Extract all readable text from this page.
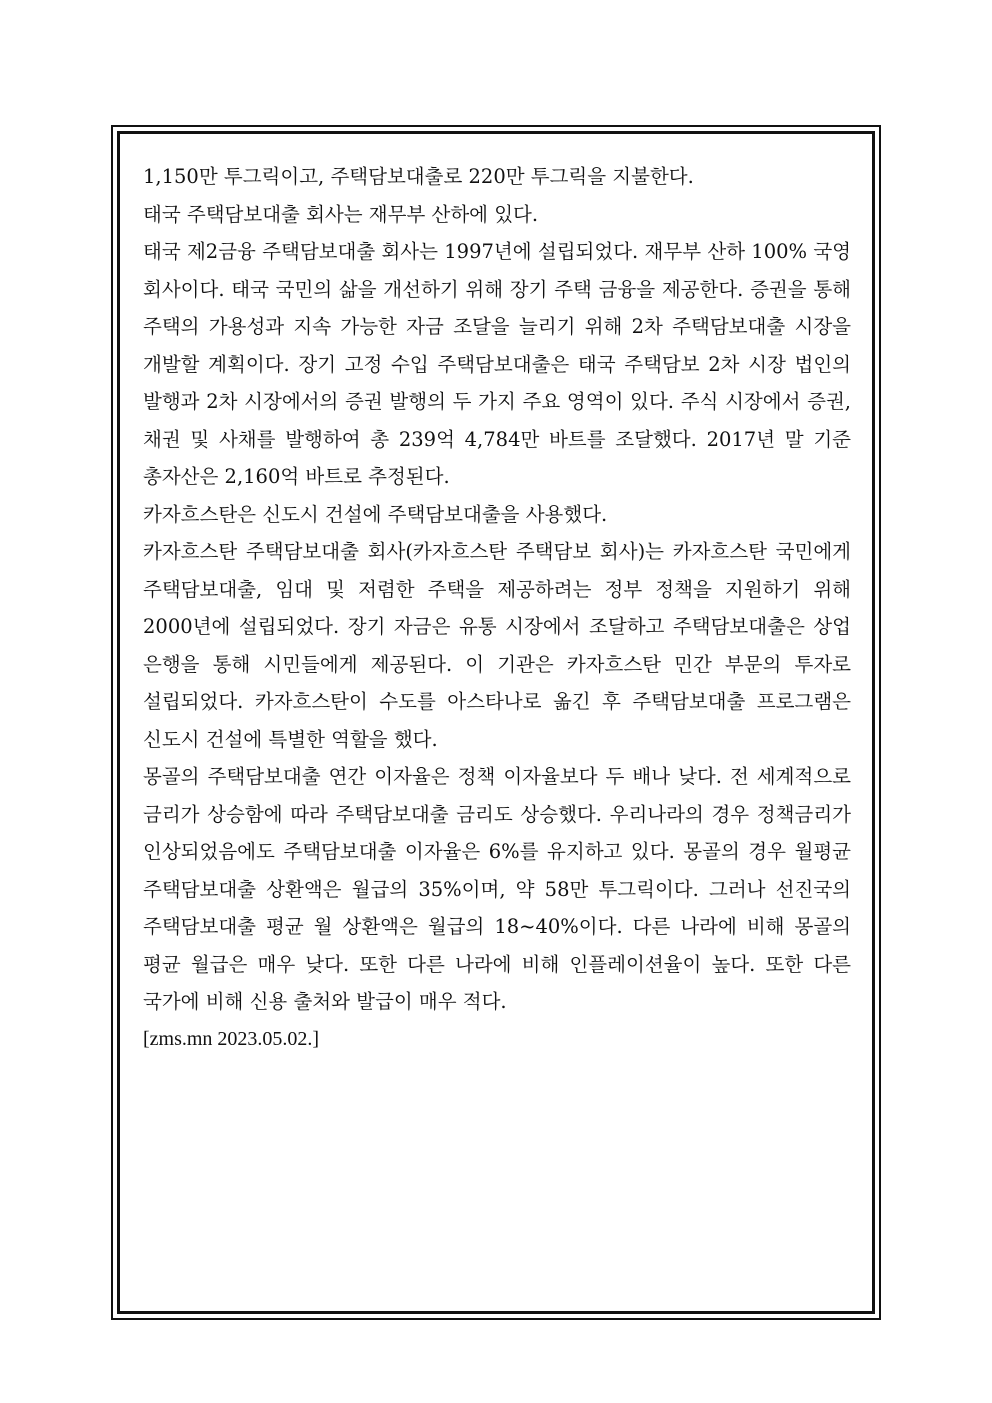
1,150만 투그릭이고, 주택담보대출로 220만 투그릭을 지불한다.

태국 주택담보대출 회사는 재무부 산하에 있다.

태국 제2금융 주택담보대출 회사는 1997년에 설립되었다. 재무부 산하 100% 국영 회사이다. 태국 국민의 삶을 개선하기 위해 장기 주택 금융을 제공한다. 증권을 통해 주택의 가용성과 지속 가능한 자금 조달을 늘리기 위해 2차 주택담보대출 시장을 개발할 계획이다. 장기 고정 수입 주택담보대출은 태국 주택담보 2차 시장 법인의 발행과 2차 시장에서의 증권 발행의 두 가지 주요 영역이 있다. 주식 시장에서 증권, 채권 및 사채를 발행하여 총 239억 4,784만 바트를 조달했다. 2017년 말 기준 총자산은 2,160억 바트로 추정된다.

카자흐스탄은 신도시 건설에 주택담보대출을 사용했다.

카자흐스탄 주택담보대출 회사(카자흐스탄 주택담보 회사)는 카자흐스탄 국민에게 주택담보대출, 임대 및 저렴한 주택을 제공하려는 정부 정책을 지원하기 위해 2000년에 설립되었다. 장기 자금은 유통 시장에서 조달하고 주택담보대출은 상업 은행을 통해 시민들에게 제공된다. 이 기관은 카자흐스탄 민간 부문의 투자로 설립되었다. 카자흐스탄이 수도를 아스타나로 옮긴 후 주택담보대출 프로그램은 신도시 건설에 특별한 역할을 했다.

몽골의 주택담보대출 연간 이자율은 정책 이자율보다 두 배나 낮다. 전 세계적으로 금리가 상승함에 따라 주택담보대출 금리도 상승했다. 우리나라의 경우 정책금리가 인상되었음에도 주택담보대출 이자율은 6%를 유지하고 있다. 몽골의 경우 월평균 주택담보대출 상환액은 월급의 35%이며, 약 58만 투그릭이다. 그러나 선진국의 주택담보대출 평균 월 상환액은 월급의 18~40%이다. 다른 나라에 비해 몽골의 평균 월급은 매우 낮다. 또한 다른 나라에 비해 인플레이션율이 높다. 또한 다른 국가에 비해 신용 출처와 발급이 매우 적다.

[zms.mn 2023.05.02.]
